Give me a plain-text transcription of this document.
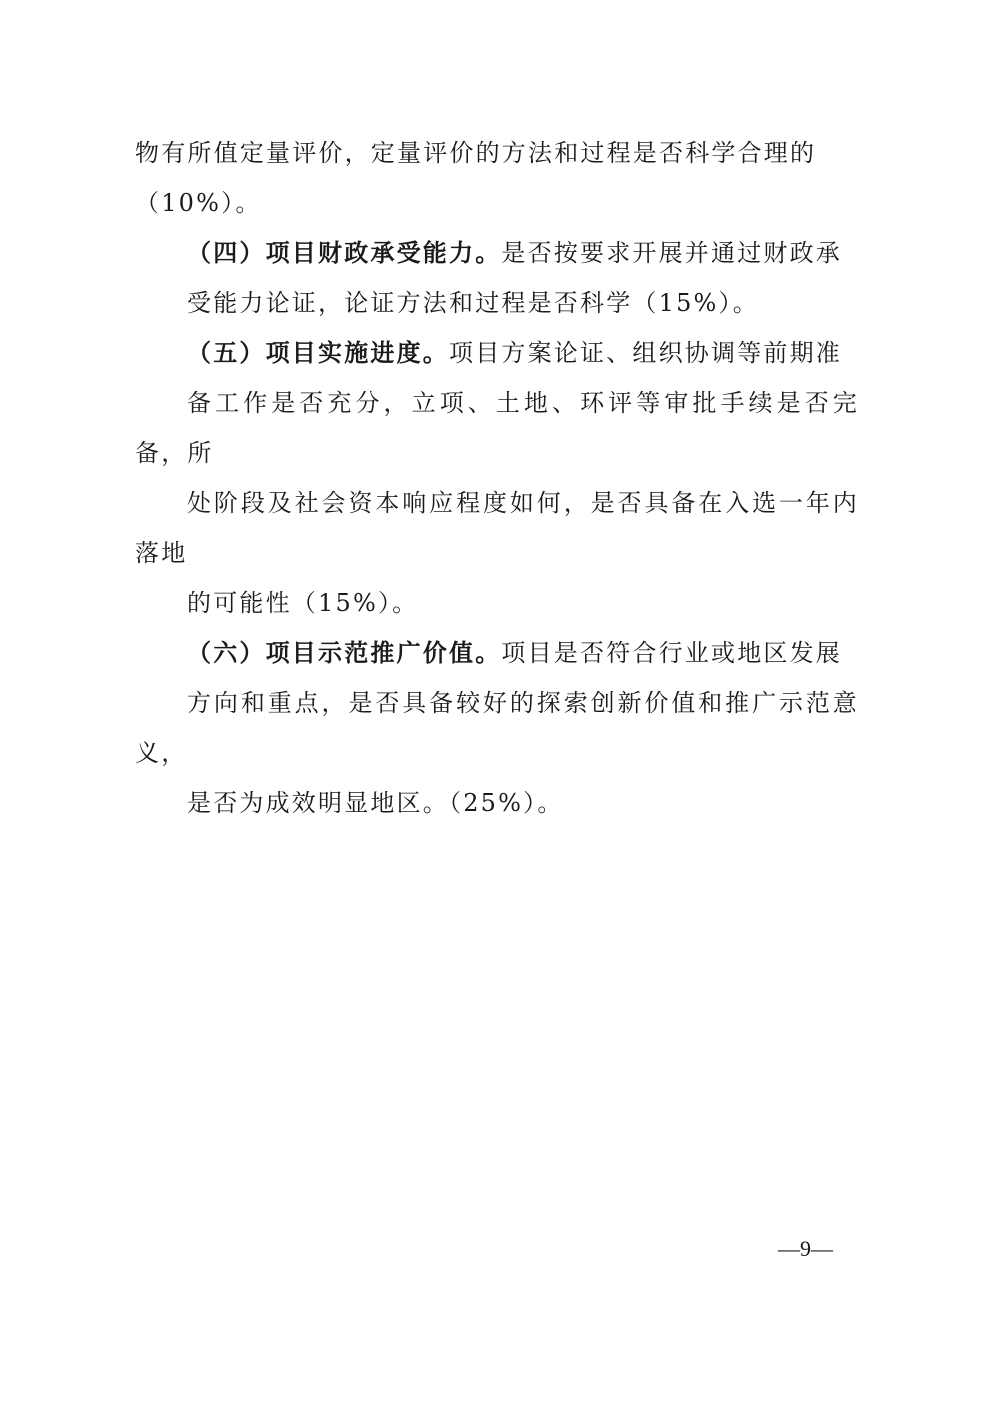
物有所值定量评价，定量评价的方法和过程是否科学合理的
（10%）。

（四）项目财政承受能力。是否按要求开展并通过财政承
受能力论证，论证方法和过程是否科学（15%）。

（五）项目实施进度。项目方案论证、组织协调等前期准
备工作是否充分，立项、土地、环评等审批手续是否完备，所
处阶段及社会资本响应程度如何，是否具备在入选一年内落地
的可能性（15%）。

（六）项目示范推广价值。项目是否符合行业或地区发展
方向和重点，是否具备较好的探索创新价值和推广示范意义，
是否为成效明显地区。（25%）。

—9—
